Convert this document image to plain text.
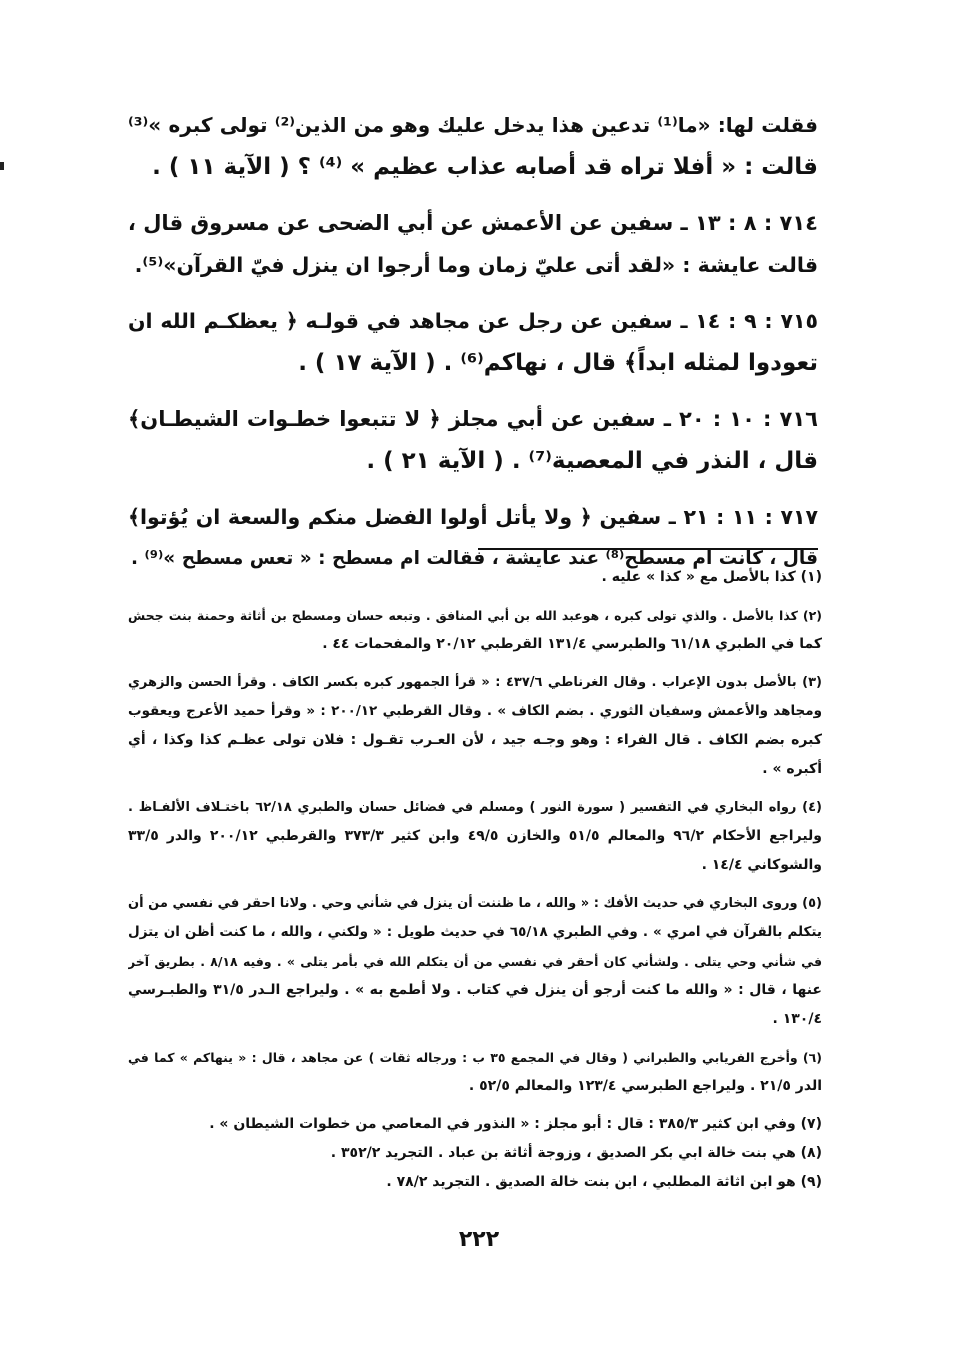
فقلت لها: «ما⁽¹⁾ تدعين هذا يدخل عليك وهو من الذين⁽²⁾ تولى كبره »⁽³⁾
قالت : « أفلا تراه قد أصابه عذاب عظيم » ⁽⁴⁾ ؟ ( الآية ١١ ) .
٧١٤ : ٨ : ١٣ ـ سفين عن الأعمش عن أبي الضحى عن مسروق قال ،
قالت عايشة : «لقد أتى عليّ زمان وما أرجوا ان ينزل فيّ القرآن»⁽⁵⁾.
٧١٥ : ٩ : ١٤ ـ سفين عن رجل عن مجاهد في قولـه ﴿ يعظكـم الله ان
تعودوا لمثله ابداً﴾ قال ، نهاكم⁽⁶⁾ . ( الآية ١٧ ) .
٧١٦ : ١٠ : ٢٠ ـ سفين عن أبي مجلز ﴿ لا تتبعوا خطـوات الشيطـان﴾
قال ، النذر في المعصية⁽⁷⁾ . ( الآية ٢١ ) .
٧١٧ : ١١ : ٢١ ـ سفين ﴿ ولا يأتل أولوا الفضل منكم والسعة ان يُؤتوا﴾
قال ، كانت ام مسطح⁽⁸⁾ عند عايشة ، فقالت ام مسطح : « تعس مسطح »⁽⁹⁾ .
(١) كذا بالأصل مع « كذا » عليه .
(٢) كذا بالأصل . والذي تولى كبره ، هوعبد الله بن أبي المنافق . وتبعه حسان ومسطح بن أثاثة وحمنة بنت جحش
كما في الطبري ٦١/١٨ والطبرسي ١٣١/٤ القرطبي ٢٠/١٢ والمفحمات ٤٤ .
(٣) بالأصل بدون الإعراب . وقال الغرناطي ٤٣٧/٦ : « قرأ الجمهور كبره بكسر الكاف . وقرأ الحسن والزهري
ومجاهد والأعمش وسفيان الثوري . بضم الكاف » . وقال القرطبي ٢٠٠/١٢ : « وقرأ حميد الأعرج ويعقوب
كبره بضم الكاف . قال الفراء : وهو وجـه جيد ، لأن العـرب تقـول : فلان تولى عظـم كذا وكذا ، أي
أكبره » .
(٤) رواه البخاري في التفسير ( سورة النور ) ومسلم في فضائل حسان والطبري ٦٢/١٨ باختـلاف الألفـاظ .
وليراجع الأحكام ٩٦/٢ والمعالم ٥١/٥ والخازن ٤٩/٥ وابن كثير ٣٧٣/٣ والقرطبي ٢٠٠/١٢ والدر ٣٣/٥
والشوكاني ١٤/٤ .
(٥) وروى البخاري في حديث الأفك : « والله ، ما ظننت أن ينزل في شأني وحي . ولانا احقر في نفسي من أن
يتكلم بالقرآن في امري » . وفي الطبري ٦٥/١٨ في حديث طويل : « ولكني ، والله ، ما كنت أظن ان يتزل
في شأني وحي يتلى . ولشأني كان أحقر في نفسي من أن يتكلم الله في بأمر يتلى » . وفيه ٨/١٨ . بطريق آخر
عنها ، قال : « والله ما كنت أرجو أن ينزل في كتاب . ولا أطمع به » . وليراجع الـدر ٣١/٥ والطبـرسي
١٣٠/٤ .
(٦) وأخرج الفريابي والطبراني ( وقال في المجمع ٣٥ ب : ورجاله ثقات ) عن مجاهد ، قال : « ينهاكم » كما في
الدر ٢١/٥ . وليراجع الطبرسي ١٢٣/٤ والمعالم ٥٢/٥ .
(٧) وفي ابن كثير ٣٨٥/٣ : قال : أبو مجلز : « النذور في المعاصي من خطوات الشيطان » .
(٨) هي بنت خالة ابي بكر الصديق ، وزوجة أثاثة بن عباد . التجريد ٣٥٢/٢ .
(٩) هو ابن اثاثة المطلبي ، ابن بنت خالة الصديق . التجريد ٧٨/٢ .
٢٢٢
